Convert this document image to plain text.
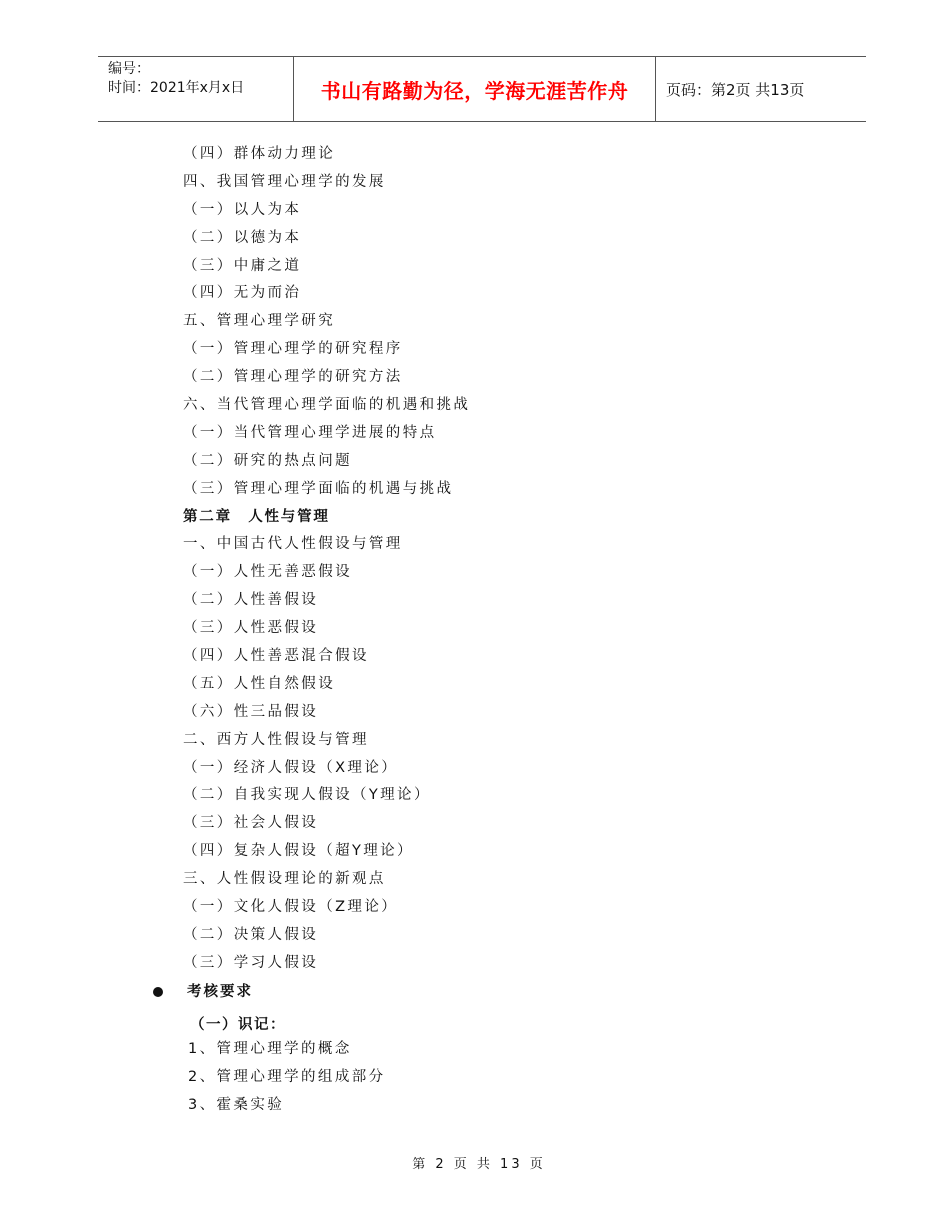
编号：
时间：2021年x月x日	书山有路勤为径，学海无涯苦作舟	页码：第2页 共13页
（四）群体动力理论
四、我国管理心理学的发展
（一）以人为本
（二）以德为本
（三）中庸之道
（四）无为而治
五、管理心理学研究
（一）管理心理学的研究程序
（二）管理心理学的研究方法
六、当代管理心理学面临的机遇和挑战
（一）当代管理心理学进展的特点
（二）研究的热点问题
（三）管理心理学面临的机遇与挑战
第二章　人性与管理
一、中国古代人性假设与管理
（一）人性无善恶假设
（二）人性善假设
（三）人性恶假设
（四）人性善恶混合假设
（五）人性自然假设
（六）性三品假设
二、西方人性假设与管理
（一）经济人假设（X理论）
（二）自我实现人假设（Y理论）
（三）社会人假设
（四）复杂人假设（超Y理论）
三、人性假设理论的新观点
（一）文化人假设（Z理论）
（二）决策人假设
（三）学习人假设
考核要求
（一）识记：
1、管理心理学的概念
2、管理心理学的组成部分
3、霍桑实验
第 2 页 共 13 页
